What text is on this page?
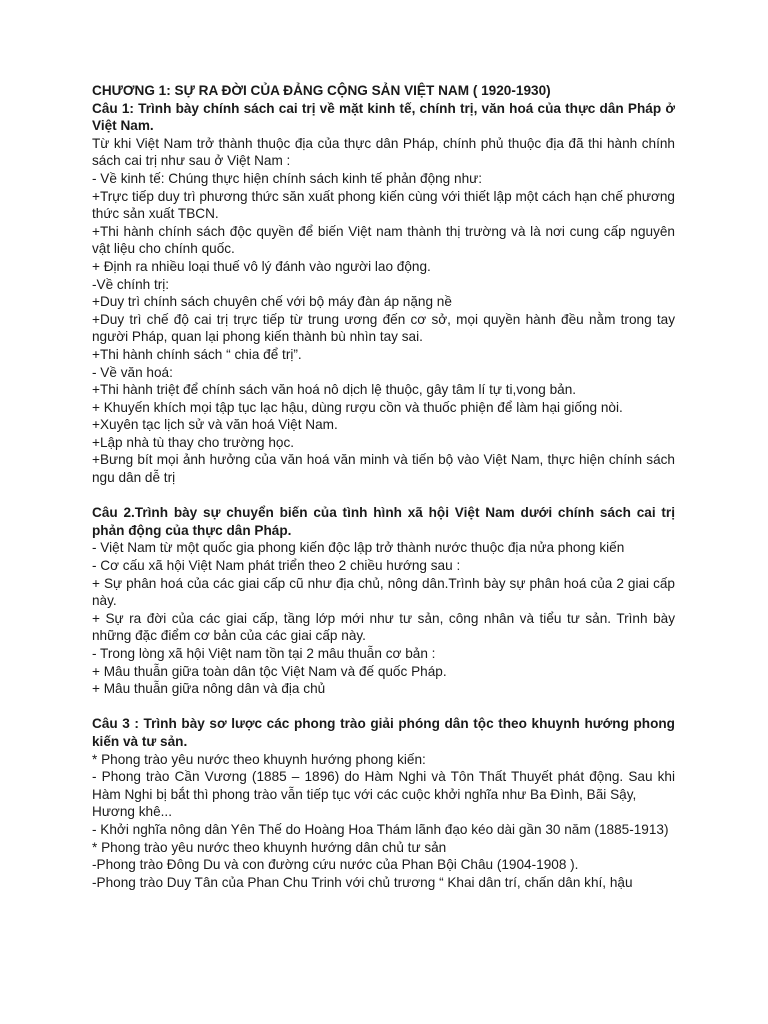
CHƯƠNG 1: SỰ RA ĐỜI CỦA ĐẢNG CỘNG SẢN VIỆT NAM ( 1920-1930)

Câu 1: Trình bày chính sách cai trị về mặt kinh tế, chính trị, văn hoá của thực dân Pháp ở Việt Nam.

Từ khi Việt Nam trở thành thuộc địa của thực dân Pháp, chính phủ thuộc địa đã thi hành chính sách cai trị như sau ở Việt Nam :

- Về kinh tế: Chúng thực hiện chính sách kinh tế phản động như:

+Trực tiếp duy trì phương thức săn xuất phong kiến cùng với thiết lập một cách hạn chế phương thức sản xuất TBCN.

+Thi hành chính sách độc quyền để biến Việt nam thành thị trường và là nơi cung cấp nguyên vật liệu cho chính quốc.

+ Định ra nhiều loại thuế vô lý đánh vào người lao động.

-Về chính trị:

+Duy trì chính sách chuyên chế với bộ máy đàn áp nặng nề

+Duy trì chế độ cai trị trực tiếp từ trung ương đến cơ sở, mọi quyền hành đều nằm trong tay người Pháp, quan lại phong kiến thành bù nhìn tay sai.

+Thi hành chính sách “ chia để trị”.

- Về văn hoá:

+Thi hành triệt để chính sách văn hoá nô dịch lệ thuộc, gây tâm lí tự ti,vong bản.

+ Khuyến khích mọi tập tục lạc hậu, dùng rượu cồn và thuốc phiện để làm hại giống nòi.

+Xuyên tạc lịch sử và văn hoá Việt Nam.

+Lập nhà tù thay cho trường học.

+Bưng bít mọi ảnh hưởng của văn hoá văn minh và tiến bộ vào Việt Nam, thực hiện chính sách ngu dân dễ trị

Câu 2.Trình bày sự chuyển biến của tình hình xã hội Việt Nam dưới chính sách cai trị phản động của thực dân Pháp.

- Việt Nam từ một quốc gia phong kiến độc lập trở thành nước thuộc địa nửa phong kiến

- Cơ cấu xã hội Việt Nam phát triển theo 2 chiều hướng sau :

+ Sự phân hoá của các giai cấp cũ như địa chủ, nông dân.Trình bày sự phân hoá của 2 giai cấp này.

+ Sự ra đời của các giai cấp, tầng lớp mới như tư sản, công nhân và tiểu tư sản. Trình bày những đặc điểm cơ bản của các giai cấp này.

- Trong lòng xã hội Việt nam tồn tại 2 mâu thuẫn cơ bản :

+ Mâu thuẫn giữa toàn dân tộc Việt Nam và đế quốc Pháp.

+ Mâu thuẫn giữa nông dân và địa chủ

Câu 3 : Trình bày sơ lược các phong trào giải phóng dân tộc theo khuynh hướng phong kiến và tư sản.

* Phong trào yêu nước theo khuynh hướng phong kiến:

- Phong trào Cần Vương (1885 – 1896) do Hàm Nghi và Tôn Thất Thuyết phát động. Sau khi Hàm Nghi bị bắt thì phong trào vẫn tiếp tục với các cuộc khởi nghĩa như Ba Đình, Bãi Sậy,

Hương khê...

- Khởi nghĩa nông dân Yên Thế do Hoàng Hoa Thám lãnh đạo kéo dài gần 30 năm (1885-1913)

* Phong trào yêu nước theo khuynh hướng dân chủ tư sản

-Phong trào Đông Du và con đường cứu nước của Phan Bội Châu (1904-1908 ).

-Phong trào Duy Tân của Phan Chu Trinh với chủ trương “ Khai dân trí, chấn dân khí, hậu
